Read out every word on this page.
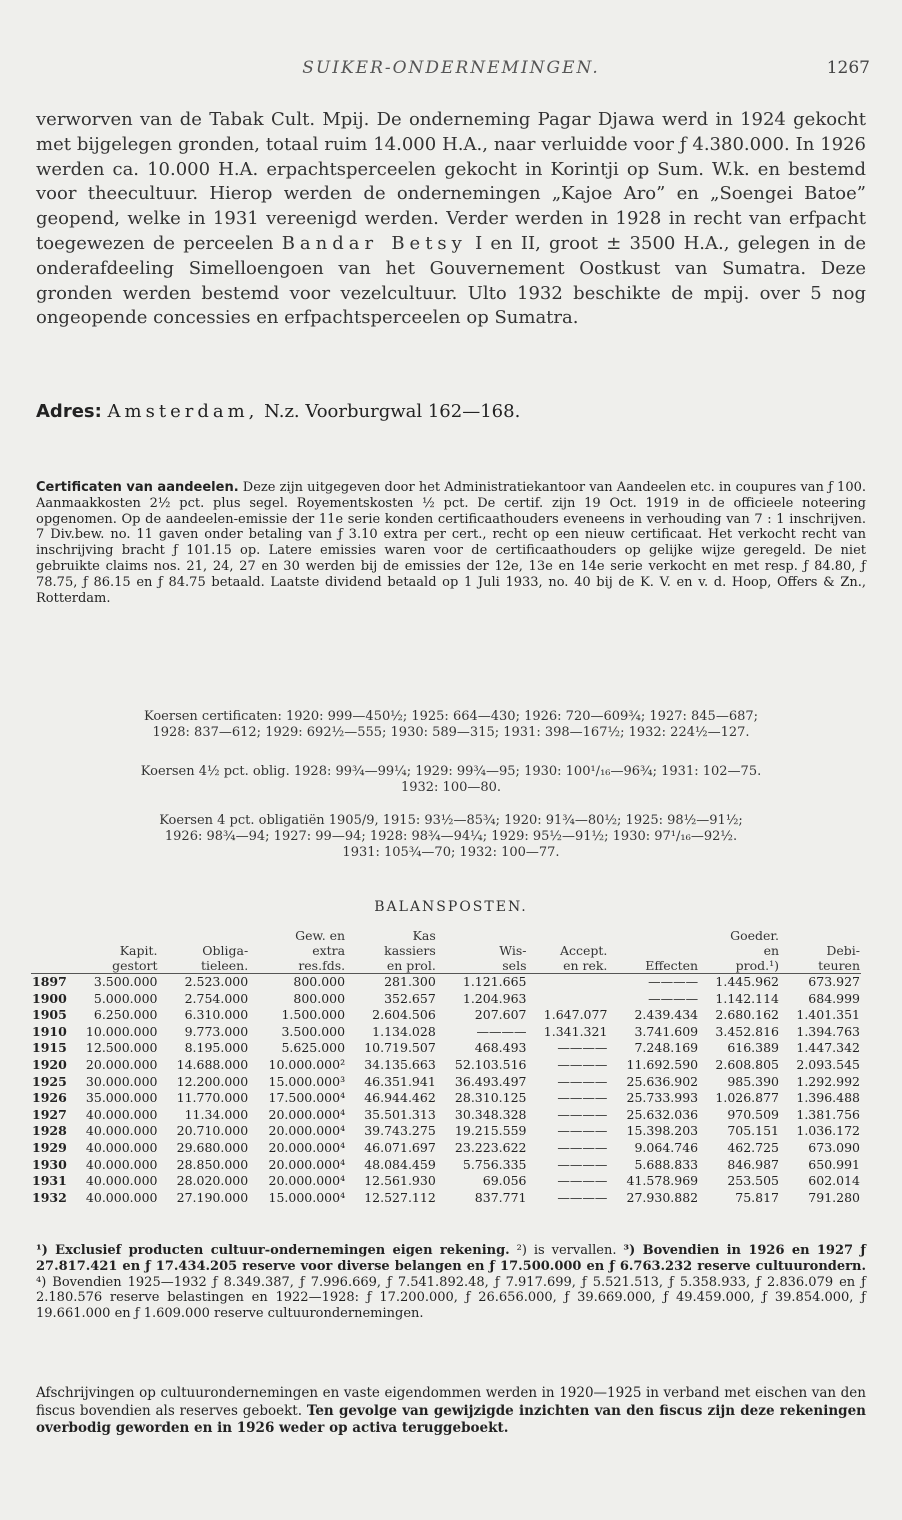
SUIKER-ONDERNEMINGEN.	1267
verworven van de Tabak Cult. Mpij. De onderneming Pagar Djawa werd in 1924 gekocht met bijgelegen gronden, totaal ruim 14.000 H.A., naar verluidde voor ƒ 4.380.000. In 1926 werden ca. 10.000 H.A. erpachtsperceelen gekocht in Korintji op Sum. W.k. en bestemd voor theecultuur. Hierop werden de ondernemingen „Kajoe Aro” en „Soengei Batoe” geopend, welke in 1931 vereenigd werden. Verder werden in 1928 in recht van erfpacht toegewezen de perceelen Bandar Betsy I en II, groot ± 3500 H.A., gelegen in de onderafdeeling Simelloengoen van het Gouvernement Oostkust van Sumatra. Deze gronden werden bestemd voor vezelcultuur. Ulto 1932 beschikte de mpij. over 5 nog ongeopende concessies en erfpachtsperceelen op Sumatra.
Adres: Amsterdam, N.z. Voorburgwal 162—168.
Certificaten van aandeelen. Deze zijn uitgegeven door het Administratiekantoor van Aandeelen etc. in coupures van ƒ 100. Aanmaakkosten 2½ pct. plus segel. Royementskosten ½ pct. De certif. zijn 19 Oct. 1919 in de officieele noteering opgenomen. Op de aandeelen-emissie der 11e serie konden certificaathouders eveneens in verhouding van 7 : 1 inschrijven. 7 Div.bew. no. 11 gaven onder betaling van ƒ 3.10 extra per cert., recht op een nieuw certificaat. Het verkocht recht van inschrijving bracht ƒ 101.15 op. Latere emissies waren voor de certificaathouders op gelijke wijze geregeld. De niet gebruikte claims nos. 21, 24, 27 en 30 werden bij de emissies der 12e, 13e en 14e serie verkocht en met resp. ƒ 84.80, ƒ 78.75, ƒ 86.15 en ƒ 84.75 betaald. Laatste dividend betaald op 1 Juli 1933, no. 40 bij de K. V. en v. d. Hoop, Offers & Zn., Rotterdam.
Koersen certificaten: 1920: 999—450½; 1925: 664—430; 1926: 720—609¾; 1927: 845—687;
1928: 837—612; 1929: 692½—555; 1930: 589—315; 1931: 398—167½; 1932: 224½—127.
Koersen 4½ pct. oblig. 1928: 99¾—99¼; 1929: 99¾—95; 1930: 100¹/₁₆—96¾; 1931: 102—75.
1932: 100—80.
Koersen 4 pct. obligatiën 1905/9, 1915: 93½—85¾; 1920: 91¾—80½; 1925: 98½—91½;
1926: 98¾—94; 1927: 99—94; 1928: 98¾—94¼; 1929: 95½—91½; 1930: 97¹/₁₆—92½.
1931: 105¾—70; 1932: 100—77.
BALANSPOSTEN.
			Gew. en	Kas				Goeder.	
	Kapit.	Obliga-	extra	kassiers	Wis-	Accept.		en	Debi-
	gestort	tieleen.	res.fds.	en prol.	sels	en rek.	Effecten	prod.¹)	teuren
1897	3.500.000	2.523.000	800.000	281.300	1.121.665		————	1.445.962	673.927
1900	5.000.000	2.754.000	800.000	352.657	1.204.963		————	1.142.114	684.999
1905	6.250.000	6.310.000	1.500.000	2.604.506	207.607	1.647.077	2.439.434	2.680.162	1.401.351
1910	10.000.000	9.773.000	3.500.000	1.134.028	————	1.341.321	3.741.609	3.452.816	1.394.763
1915	12.500.000	8.195.000	5.625.000	10.719.507	468.493	————	7.248.169	616.389	1.447.342
1920	20.000.000	14.688.000	10.000.000²	34.135.663	52.103.516	————	11.692.590	2.608.805	2.093.545
1925	30.000.000	12.200.000	15.000.000³	46.351.941	36.493.497	————	25.636.902	985.390	1.292.992
1926	35.000.000	11.770.000	17.500.000⁴	46.944.462	28.310.125	————	25.733.993	1.026.877	1.396.488
1927	40.000.000	11.34.000	20.000.000⁴	35.501.313	30.348.328	————	25.632.036	970.509	1.381.756
1928	40.000.000	20.710.000	20.000.000⁴	39.743.275	19.215.559	————	15.398.203	705.151	1.036.172
1929	40.000.000	29.680.000	20.000.000⁴	46.071.697	23.223.622	————	9.064.746	462.725	673.090
1930	40.000.000	28.850.000	20.000.000⁴	48.084.459	5.756.335	————	5.688.833	846.987	650.991
1931	40.000.000	28.020.000	20.000.000⁴	12.561.930	69.056	————	41.578.969	253.505	602.014
1932	40.000.000	27.190.000	15.000.000⁴	12.527.112	837.771	————	27.930.882	75.817	791.280
¹) Exclusief producten cultuur-ondernemingen eigen rekening. ²) is vervallen. ³) Bovendien in 1926 en 1927 ƒ 27.817.421 en ƒ 17.434.205 reserve voor diverse belangen en ƒ 17.500.000 en ƒ 6.763.232 reserve cultuurondern. ⁴) Bovendien 1925—1932 ƒ 8.349.387, ƒ 7.996.669, ƒ 7.541.892.48, ƒ 7.917.699, ƒ 5.521.513, ƒ 5.358.933, ƒ 2.836.079 en ƒ 2.180.576 reserve belastingen en 1922—1928: ƒ 17.200.000, ƒ 26.656.000, ƒ 39.669.000, ƒ 49.459.000, ƒ 39.854.000, ƒ 19.661.000 en ƒ 1.609.000 reserve cultuurondernemingen.
Afschrijvingen op cultuurondernemingen en vaste eigendommen werden in 1920—1925 in verband met eischen van den fiscus bovendien als reserves geboekt. Ten gevolge van gewijzigde inzichten van den fiscus zijn deze rekeningen overbodig geworden en in 1926 weder op activa teruggeboekt.
